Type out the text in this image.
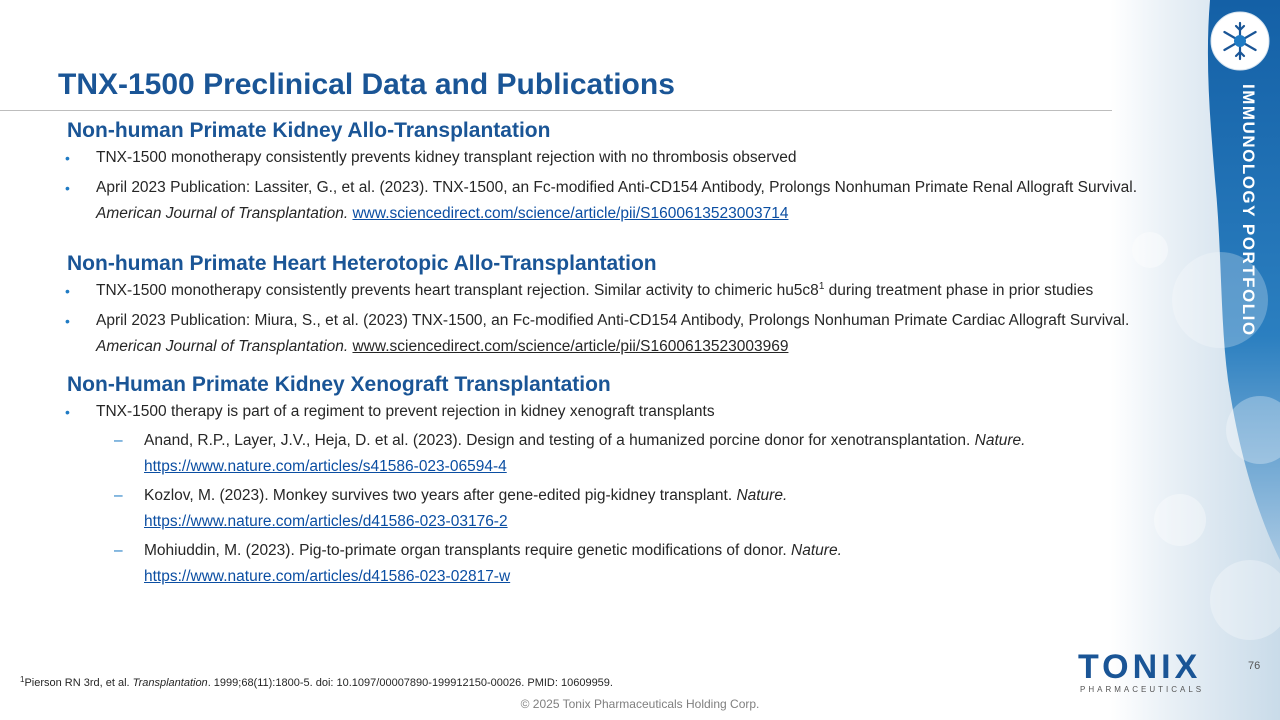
IMMUNOLOGY PORTFOLIO
TNX-1500 Preclinical Data and Publications
Non-human Primate Kidney Allo-Transplantation
• TNX-1500 monotherapy consistently prevents kidney transplant rejection with no thrombosis observed
• April 2023 Publication: Lassiter, G., et al. (2023). TNX-1500, an Fc-modified Anti-CD154 Antibody, Prolongs Nonhuman Primate Renal Allograft Survival. American Journal of Transplantation. www.sciencedirect.com/science/article/pii/S1600613523003714
Non-human Primate Heart Heterotopic Allo-Transplantation
• TNX-1500 monotherapy consistently prevents heart transplant rejection. Similar activity to chimeric $hu5c8^1$ during treatment phase in prior studies
• April 2023 Publication: Miura, S., et al. (2023) TNX-1500, an Fc-modified Anti-CD154 Antibody, Prolongs Nonhuman Primate Cardiac Allograft Survival. American Journal of Transplantation. www.sciencedirect.com/science/article/pii/S1600613523003969
Non-Human Primate Kidney Xenograft Transplantation
• TNX-1500 therapy is part of a regiment to prevent rejection in kidney xenograft transplants
– Anand, R.P., Layer, J.V., Heja, D. et al. (2023). Design and testing of a humanized porcine donor for xenotransplantation. Nature. https://www.nature.com/articles/s41586-023-06594-4
– Kozlov, M. (2023). Monkey survives two years after gene-edited pig-kidney transplant. Nature.
https://www.nature.com/articles/d41586-023-03176-2
– Mohiuddin, M. (2023). Pig-to-primate organ transplants require genetic modifications of donor. Nature.
https://www.nature.com/articles/d41586-023-02817-w
76
TONIX
PHARMACEUTICALS
$^1$Pierson RN 3rd, et al. Transplantation. 1999;68(11):1800-5. doi: 10.1097/00007890-199912150-00026. PMID: 10609959.
© 2025 Tonix Pharmaceuticals Holding Corp.
